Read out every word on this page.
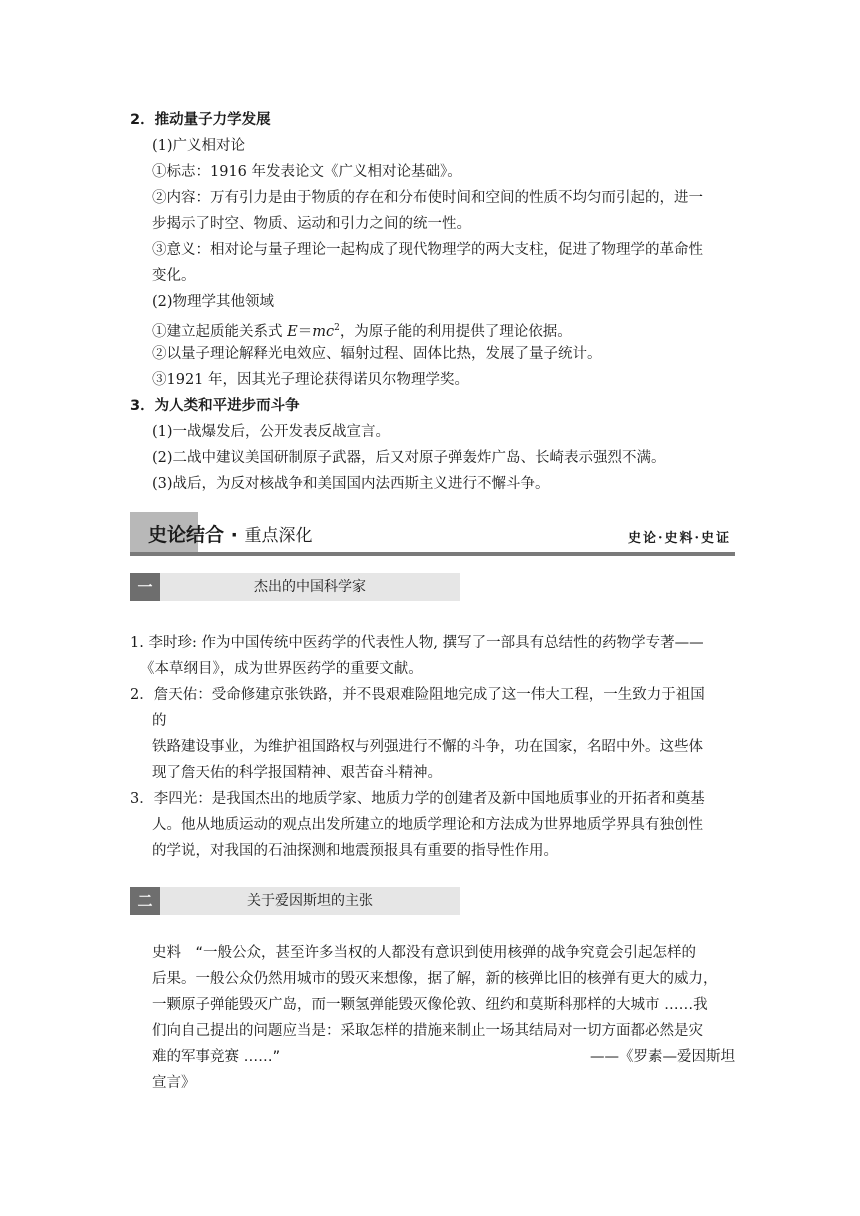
2．推动量子力学发展
(1)广义相对论
①标志：1916 年发表论文《广义相对论基础》。
②内容：万有引力是由于物质的存在和分布使时间和空间的性质不均匀而引起的，进一
步揭示了时空、物质、运动和引力之间的统一性。
③意义：相对论与量子理论一起构成了现代物理学的两大支柱，促进了物理学的革命性
变化。
(2)物理学其他领域
①建立起质能关系式 $E=mc^2$，为原子能的利用提供了理论依据。
②以量子理论解释光电效应、辐射过程、固体比热，发展了量子统计。
③1921 年，因其光子理论获得诺贝尔物理学奖。
3．为人类和平进步而斗争
(1)一战爆发后，公开发表反战宣言。
(2)二战中建议美国研制原子武器，后又对原子弹轰炸广岛、长崎表示强烈不满。
(3)战后，为反对核战争和美国国内法西斯主义进行不懈斗争。
史论结合 · 重点深化	史论·史料·史证
一	杰出的中国科学家
1. 李时珍: 作为中国传统中医药学的代表性人物, 撰写了一部具有总结性的药物学专著——
《本草纲目》，成为世界医药学的重要文献。
2．詹天佑：受命修建京张铁路，并不畏艰难险阻地完成了这一伟大工程，一生致力于祖国
的
铁路建设事业，为维护祖国路权与列强进行不懈的斗争，功在国家，名昭中外。这些体
现了詹天佑的科学报国精神、艰苦奋斗精神。
3．李四光：是我国杰出的地质学家、地质力学的创建者及新中国地质事业的开拓者和奠基
人。他从地质运动的观点出发所建立的地质学理论和方法成为世界地质学界具有独创性
的学说，对我国的石油探测和地震预报具有重要的指导性作用。
二	关于爱因斯坦的主张
史料　“一般公众，甚至许多当权的人都没有意识到使用核弹的战争究竟会引起怎样的
后果。一般公众仍然用城市的毁灭来想像，据了解，新的核弹比旧的核弹有更大的威力，
一颗原子弹能毁灭广岛，而一颗氢弹能毁灭像伦敦、纽约和莫斯科那样的大城市 ……我
们向自己提出的问题应当是：采取怎样的措施来制止一场其结局对一切方面都必然是灾
难的军事竞赛 ……”	——《罗素—爱因斯坦
宣言》
